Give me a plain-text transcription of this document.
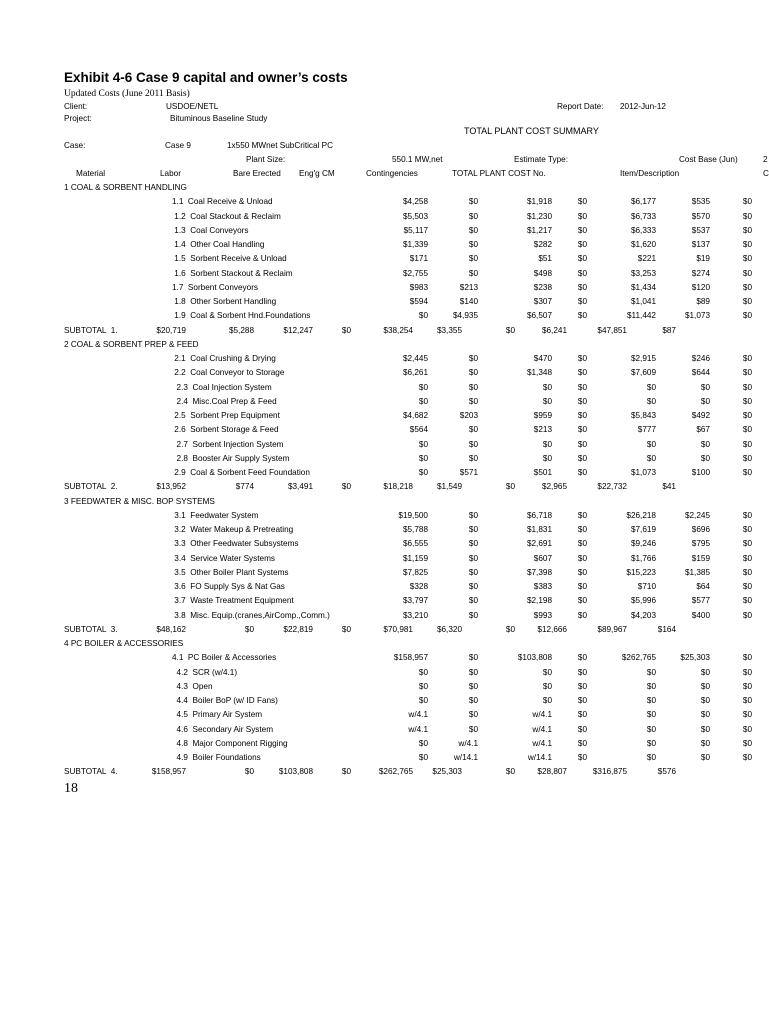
Exhibit 4-6 Case 9 capital and owner’s costs
Updated Costs (June 2011 Basis)
Client:	USDOE/NETL	Report Date: 2012-Jun-12
Project:	Bituminous Baseline Study
TOTAL PLANT COST SUMMARY
Case:	Case 9	1x550 MWnet SubCritical PC
Plant Size:	550.1 MW,net	Estimate Type:	Cost Base (Jun)	2
Material	Labor	Bare Erected Eng'g CM	Contingencies	TOTAL PLANT COST No.	Item/Description	C
1 COAL & SORBENT HANDLING
1.1  Coal Receive & Unload	$4,258	$0	$1,918	$0	$6,177	$535	$0
1.2  Coal Stackout & Reclaim	$5,503	$0	$1,230	$0	$6,733	$570	$0
1.3  Coal Conveyors	$5,117	$0	$1,217	$0	$6,333	$537	$0
1.4  Other Coal Handling	$1,339	$0	$282	$0	$1,620	$137	$0
1.5  Sorbent Receive & Unload	$171	$0	$51	$0	$221	$19	$0
1.6  Sorbent Stackout & Reclaim	$2,755	$0	$498	$0	$3,253	$274	$0
1.7  Sorbent Conveyors	$983	$213	$238	$0	$1,434	$120	$0
1.8  Other Sorbent Handling	$594	$140	$307	$0	$1,041	$89	$0
1.9  Coal & Sorbent Hnd.Foundations	$0	$4,935	$6,507	$0	$11,442	$1,073	$0
SUBTOTAL  1.	$20,719	$5,288	$12,247	$0	$38,254	$3,355	$0	$6,241	$47,851	$87
2 COAL & SORBENT PREP & FEED
2.1  Coal Crushing & Drying	$2,445	$0	$470	$0	$2,915	$246	$0
2.2  Coal Conveyor to Storage	$6,261	$0	$1,348	$0	$7,609	$644	$0
2.3  Coal Injection System	$0	$0	$0	$0	$0	$0	$0
2.4  Misc.Coal Prep & Feed	$0	$0	$0	$0	$0	$0	$0
2.5  Sorbent Prep Equipment	$4,682	$203	$959	$0	$5,843	$492	$0
2.6  Sorbent Storage & Feed	$564	$0	$213	$0	$777	$67	$0
2.7  Sorbent Injection System	$0	$0	$0	$0	$0	$0	$0
2.8  Booster Air Supply System	$0	$0	$0	$0	$0	$0	$0
2.9  Coal & Sorbent Feed Foundation	$0	$571	$501	$0	$1,073	$100	$0
SUBTOTAL  2.	$13,952	$774	$3,491	$0	$18,218	$1,549	$0	$2,965	$22,732	$41
3 FEEDWATER & MISC. BOP SYSTEMS
3.1  Feedwater System	$19,500	$0	$6,718	$0	$26,218	$2,245	$0
3.2  Water Makeup & Pretreating	$5,788	$0	$1,831	$0	$7,619	$696	$0
3.3  Other Feedwater Subsystems	$6,555	$0	$2,691	$0	$9,246	$795	$0
3.4  Service Water Systems	$1,159	$0	$607	$0	$1,766	$159	$0
3.5  Other Boiler Plant Systems	$7,825	$0	$7,398	$0	$15,223	$1,385	$0
3.6  FO Supply Sys & Nat Gas	$328	$0	$383	$0	$710	$64	$0
3.7  Waste Treatment Equipment	$3,797	$0	$2,198	$0	$5,996	$577	$0
3.8  Misc. Equip.(cranes,AirComp.,Comm.)	$3,210	$0	$993	$0	$4,203	$400	$0
SUBTOTAL  3.	$48,162	$0	$22,819	$0	$70,981	$6,320	$0	$12,666	$89,967	$164
4 PC BOILER & ACCESSORIES
4.1  PC Boiler & Accessories	$158,957	$0	$103,808	$0	$262,765	$25,303	$0
4.2  SCR (w/4.1)	$0	$0	$0	$0	$0	$0	$0
4.3  Open	$0	$0	$0	$0	$0	$0	$0
4.4  Boiler BoP (w/ ID Fans)	$0	$0	$0	$0	$0	$0	$0
4.5  Primary Air System	w/4.1	$0	w/4.1	$0	$0	$0	$0
4.6  Secondary Air System	w/4.1	$0	w/4.1	$0	$0	$0	$0
4.8  Major Component Rigging	$0	w/4.1	w/4.1	$0	$0	$0	$0
4.9  Boiler Foundations	$0	w/14.1	w/14.1	$0	$0	$0	$0
SUBTOTAL  4.	$158,957	$0	$103,808	$0	$262,765 $25,303	$0	$28,807	$316,875	$576
18
